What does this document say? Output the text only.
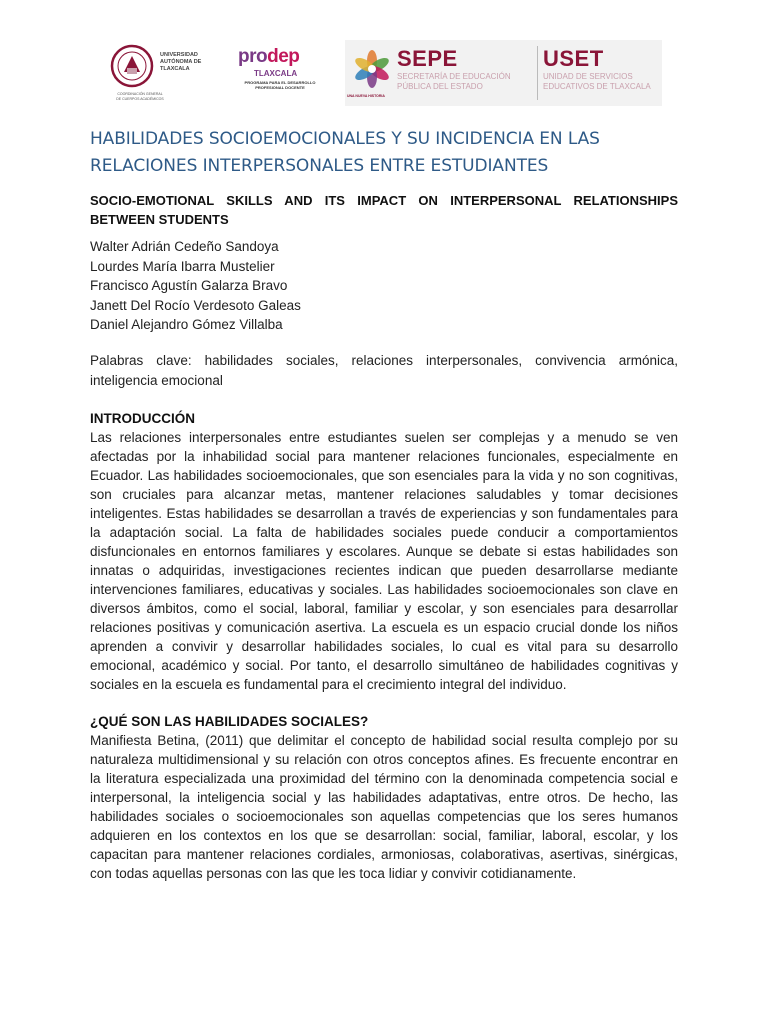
UNIVERSIDAD
AUTÓNOMA DE
TLAXCALA
COORDINACIÓN GENERAL
DE CUERPOS ACADÉMICOS
prodep
TLAXCALA
PROGRAMA PARA EL DESARROLLO
PROFESIONAL DOCENTE
UNA NUEVA HISTORIA
SEPE
SECRETARÍA DE EDUCACIÓN
PÚBLICA DEL ESTADO
USET
UNIDAD DE SERVICIOS
EDUCATIVOS DE TLAXCALA
HABILIDADES SOCIOEMOCIONALES Y SU INCIDENCIA EN LAS RELACIONES INTERPERSONALES ENTRE ESTUDIANTES
SOCIO-EMOTIONAL SKILLS AND ITS IMPACT ON INTERPERSONAL RELATIONSHIPS BETWEEN STUDENTS
Walter Adrián Cedeño Sandoya
Lourdes María Ibarra Mustelier
Francisco Agustín Galarza Bravo
Janett Del Rocío Verdesoto Galeas
Daniel Alejandro Gómez Villalba

Palabras clave: habilidades sociales, relaciones interpersonales, convivencia armónica,

inteligencia emocional

INTRODUCCIÓN
Las relaciones interpersonales entre estudiantes suelen ser complejas y a menudo se ven
afectadas por la inhabilidad social para mantener relaciones funcionales, especialmente en
Ecuador. Las habilidades socioemocionales, que son esenciales para la vida y no son cognitivas,
son cruciales para alcanzar metas, mantener relaciones saludables y tomar decisiones
inteligentes. Estas habilidades se desarrollan a través de experiencias y son fundamentales para
la adaptación social. La falta de habilidades sociales puede conducir a comportamientos
disfuncionales en entornos familiares y escolares. Aunque se debate si estas habilidades son
innatas o adquiridas, investigaciones recientes indican que pueden desarrollarse mediante
intervenciones familiares, educativas y sociales. Las habilidades socioemocionales son clave en
diversos ámbitos, como el social, laboral, familiar y escolar, y son esenciales para desarrollar
relaciones positivas y comunicación asertiva. La escuela es un espacio crucial donde los niños
aprenden a convivir y desarrollar habilidades sociales, lo cual es vital para su desarrollo
emocional, académico y social. Por tanto, el desarrollo simultáneo de habilidades cognitivas y
sociales en la escuela es fundamental para el crecimiento integral del individuo.
¿QUÉ SON LAS HABILIDADES SOCIALES?
Manifiesta Betina, (2011) que delimitar el concepto de habilidad social resulta complejo por su
naturaleza multidimensional y su relación con otros conceptos afines. Es frecuente encontrar en
la literatura especializada una proximidad del término con la denominada competencia social e
interpersonal, la inteligencia social y las habilidades adaptativas, entre otros. De hecho, las
habilidades sociales o socioemocionales son aquellas competencias que los seres humanos
adquieren en los contextos en los que se desarrollan: social, familiar, laboral, escolar, y los
capacitan para mantener relaciones cordiales, armoniosas, colaborativas, asertivas, sinérgicas,
con todas aquellas personas con las que les toca lidiar y convivir cotidianamente.
